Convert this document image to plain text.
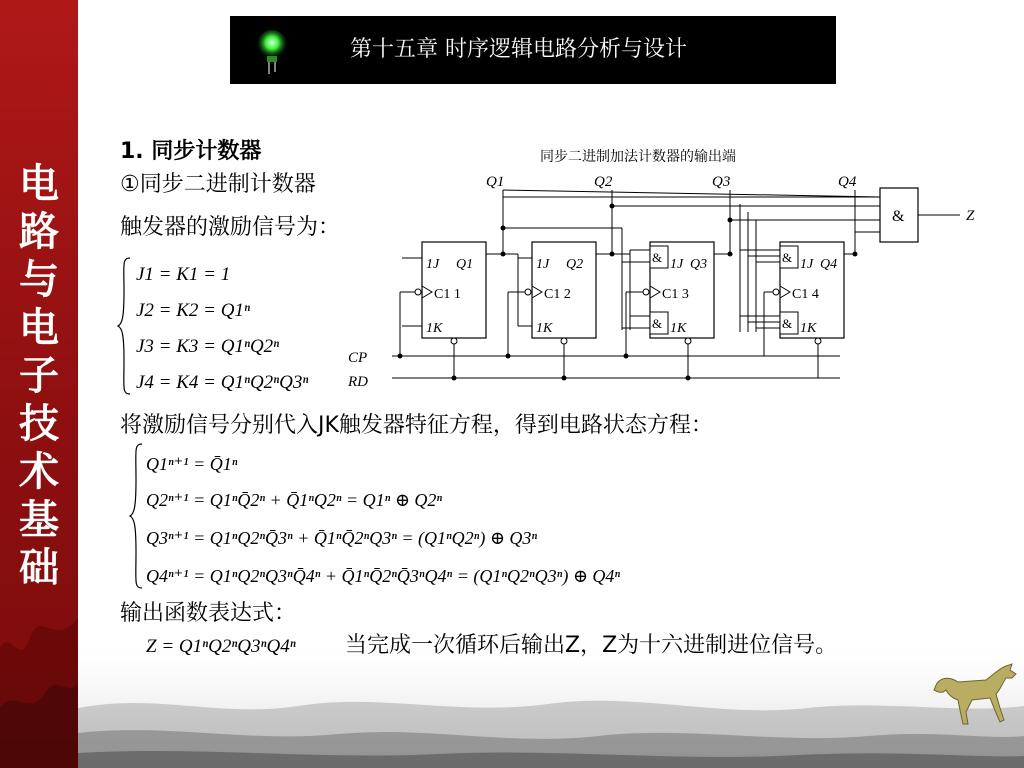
电
路
与
电
子
技
术
基
础
第十五章 时序逻辑电路分析与设计
1. 同步计数器
①同步二进制计数器
触发器的激励信号为：
将激励信号分别代入JK触发器特征方程，得到电路状态方程：
输出函数表达式：
当完成一次循环后输出Z，Z为十六进制进位信号。
J1 = K1 = 1
J2 = K2 = Q1ⁿ
J3 = K3 = Q1ⁿQ2ⁿ
J4 = K4 = Q1ⁿQ2ⁿQ3ⁿ
Q1ⁿ⁺¹ = Q̄1ⁿ
Q2ⁿ⁺¹ = Q1ⁿQ̄2ⁿ + Q̄1ⁿQ2ⁿ = Q1ⁿ ⊕ Q2ⁿ
Q3ⁿ⁺¹ = Q1ⁿQ2ⁿQ̄3ⁿ + Q̄1ⁿQ̄2ⁿQ3ⁿ = (Q1ⁿQ2ⁿ) ⊕ Q3ⁿ
Q4ⁿ⁺¹ = Q1ⁿQ2ⁿQ3ⁿQ̄4ⁿ + Q̄1ⁿQ̄2ⁿQ̄3ⁿQ4ⁿ = (Q1ⁿQ2ⁿQ3ⁿ) ⊕ Q4ⁿ
Z = Q1ⁿQ2ⁿQ3ⁿQ4ⁿ
同步二进制加法计数器的输出端
Q1	Q2	Q3	Q4
Z
CP
RD
&
1J Q1
C1 1
1K
1J Q2
C1 2
1K
&
&
1J Q3
C1 3
1K
&
&
1J Q4
C1 4
1K
